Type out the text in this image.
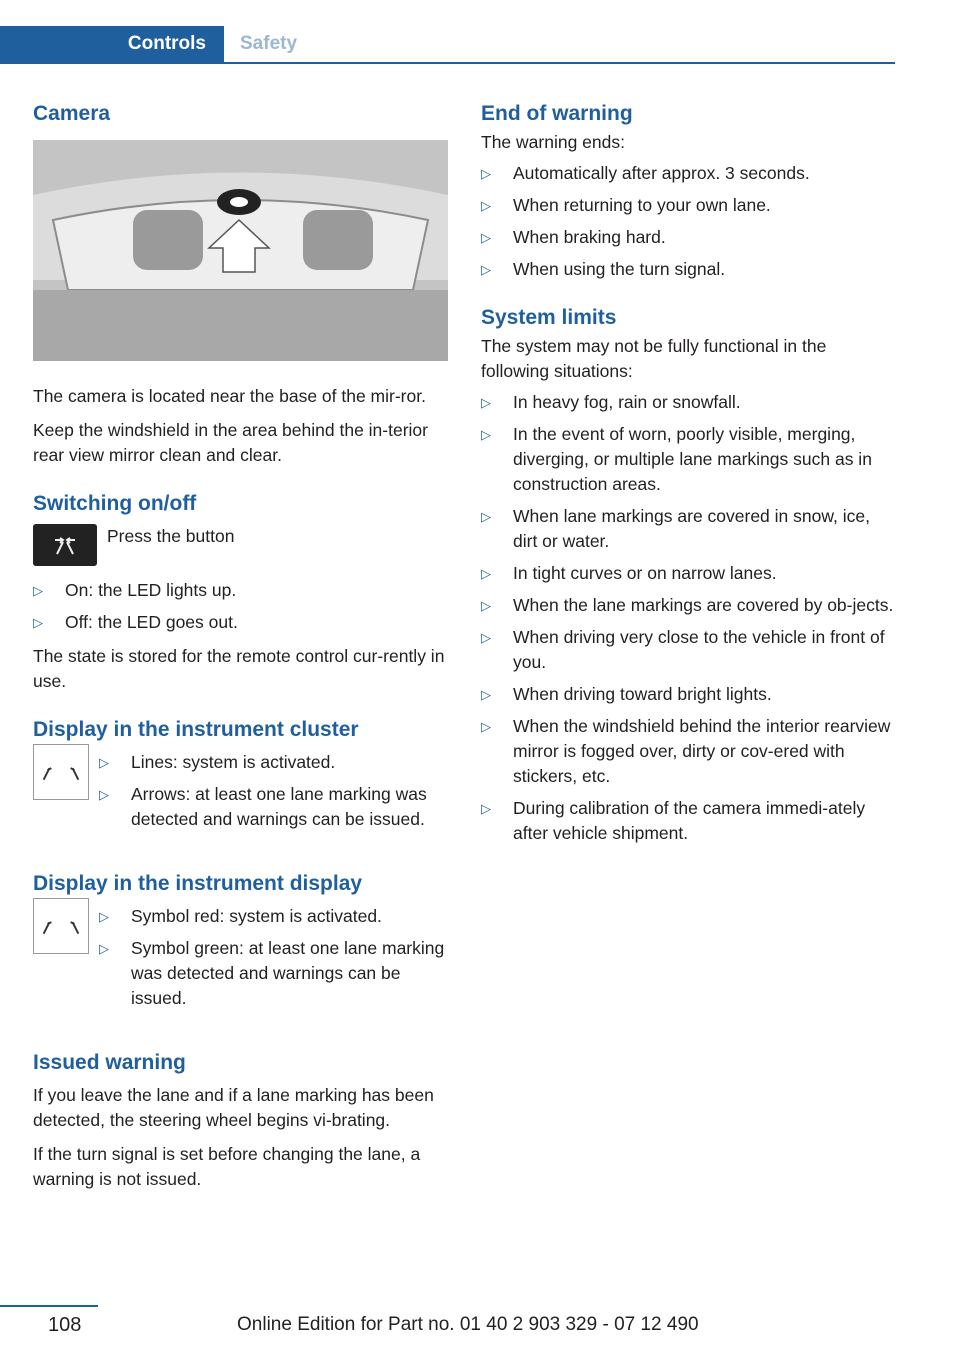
Controls	Safety
Camera

The camera is located near the base of the mir-ror.

Keep the windshield in the area behind the in-terior rear view mirror clean and clear.

Switching on/off

Press the button

▷ On: the LED lights up.
▷ Off: the LED goes out.

The state is stored for the remote control cur-rently in use.

Display in the instrument cluster
▷ Lines: system is activated.
▷ Arrows: at least one lane marking was detected and warnings can be issued.
Display in the instrument display
▷ Symbol red: system is activated.
▷ Symbol green: at least one lane marking was detected and warnings can be issued.
Issued warning

If you leave the lane and if a lane marking has been detected, the steering wheel begins vi-brating.

If the turn signal is set before changing the lane, a warning is not issued.

End of warning

The warning ends:

▷ Automatically after approx. 3 seconds.
▷ When returning to your own lane.
▷ When braking hard.
▷ When using the turn signal.
System limits

The system may not be fully functional in the following situations:

▷ In heavy fog, rain or snowfall.
▷ In the event of worn, poorly visible, merging, diverging, or multiple lane markings such as in construction areas.
▷ When lane markings are covered in snow, ice, dirt or water.
▷ In tight curves or on narrow lanes.
▷ When the lane markings are covered by ob-jects.
▷ When driving very close to the vehicle in front of you.
▷ When driving toward bright lights.
▷ When the windshield behind the interior rearview mirror is fogged over, dirty or cov-ered with stickers, etc.
▷ During calibration of the camera immedi-ately after vehicle shipment.
108	Online Edition for Part no. 01 40 2 903 329 - 07 12 490
